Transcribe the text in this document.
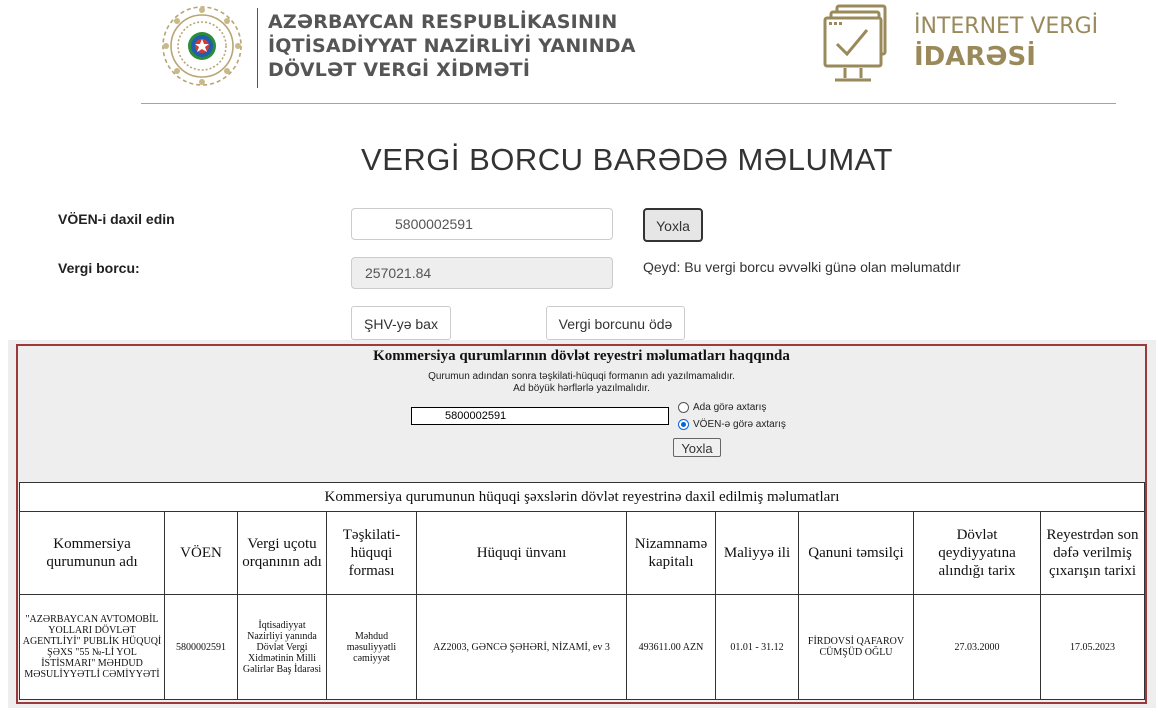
AZƏRBAYCAN RESPUBLİKASININ
İQTİSADİYYAT NAZİRLİYİ YANINDA
DÖVLƏT VERGİ XİDMƏTİ
İNTERNET VERGİ
İDARƏSİ
VERGİ BORCU BARƏDƏ MƏLUMAT
VÖEN-i daxil edin	5800002591	Yoxla
Vergi borcu:	257021.84	Qeyd: Bu vergi borcu əvvəlki günə olan məlumatdır
ŞHV-yə bax	Vergi borcunu ödə
Kommersiya qurumlarının dövlət reyestri məlumatları haqqında
Qurumun adından sonra təşkilati-hüquqi formanın adı yazılmamalıdır.
Ad böyük hərflərlə yazılmalıdır.
5800002591
Ada görə axtarış
VÖEN-ə görə axtarış
Yoxla
Kommersiya qurumunun hüquqi şəxslərin dövlət reyestrinə daxil edilmiş məlumatları									
Kommersiya qurumunun adı	VÖEN	Vergi uçotu orqanının adı	Təşkilati-hüquqi forması	Hüquqi ünvanı	Nizamnamə kapitalı	Maliyyə ili	Qanuni təmsilçi	Dövlət qeydiyyatına alındığı tarix	Reyestrdən son dəfə verilmiş çıxarışın tarixi
"AZƏRBAYCAN AVTOMOBİL YOLLARI DÖVLƏT AGENTLİYİ" PUBLİK HÜQUQİ ŞƏXS "55 №-Lİ YOL İSTİSMARI" MƏHDUD MƏSULİYYƏTLİ CƏMİYYƏTİ	5800002591	İqtisadiyyat Nazirliyi yanında Dövlət Vergi Xidmətinin Milli Gəlirlər Baş İdarəsi	Məhdud məsuliyyətli cəmiyyət	AZ2003, GƏNCƏ ŞƏHƏRİ, NİZAMİ, ev 3	493611.00 AZN	01.01 - 31.12	FİRDOVSİ QAFAROV CÜMŞÜD OĞLU	27.03.2000	17.05.2023
